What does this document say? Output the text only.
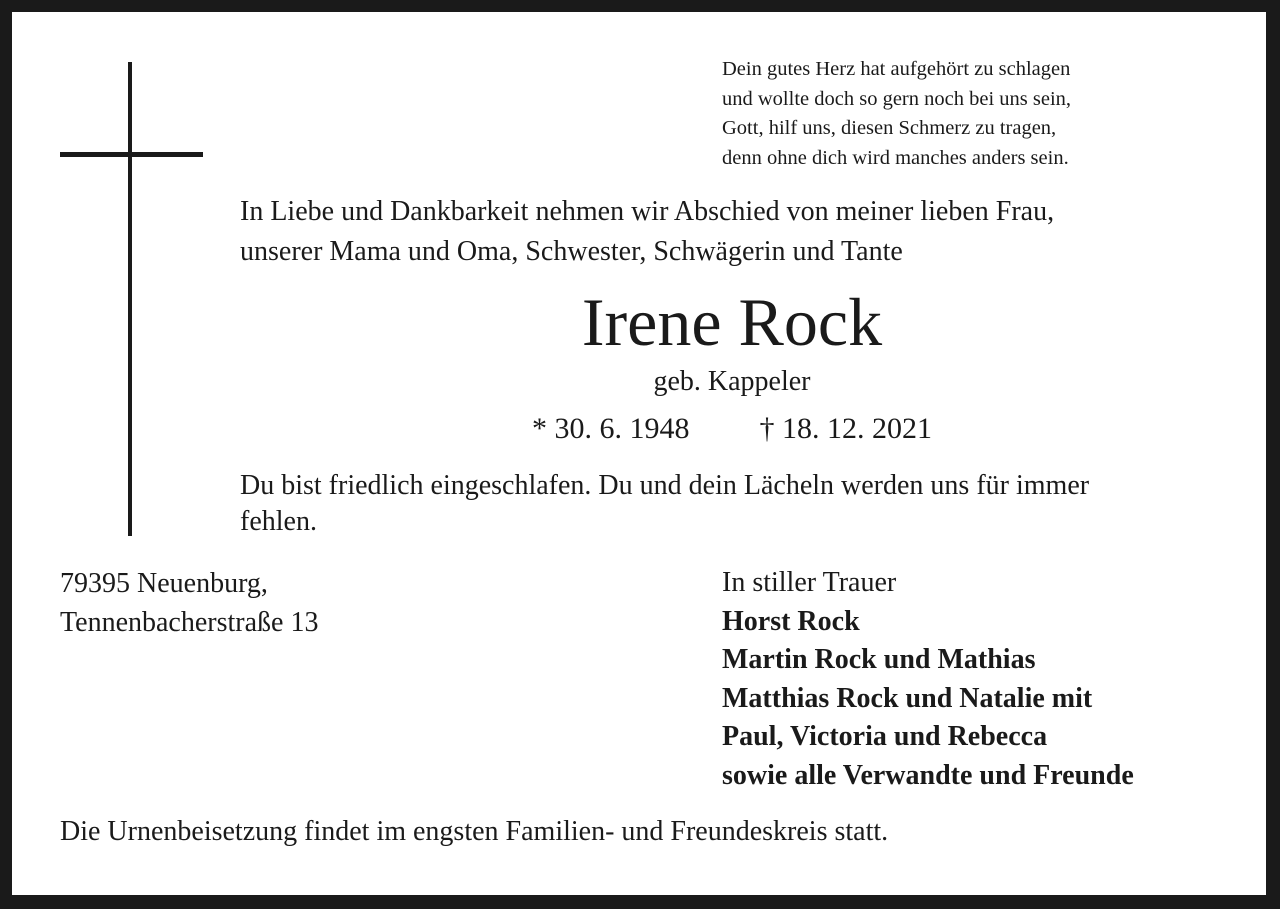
Dein gutes Herz hat aufgehört zu schlagen
und wollte doch so gern noch bei uns sein,
Gott, hilf uns, diesen Schmerz zu tragen,
denn ohne dich wird manches anders sein.
In Liebe und Dankbarkeit nehmen wir Abschied von meiner lieben Frau,
unserer Mama und Oma, Schwester, Schwägerin und Tante
Irene Rock
geb. Kappeler
* 30. 6. 1948 † 18. 12. 2021
Du bist friedlich eingeschlafen. Du und dein Lächeln werden uns für immer
fehlen.
79395 Neuenburg,
Tennenbacherstraße 13
In stiller Trauer
Horst Rock
Martin Rock und Mathias
Matthias Rock und Natalie mit
Paul, Victoria und Rebecca
sowie alle Verwandte und Freunde
Die Urnenbeisetzung findet im engsten Familien- und Freundeskreis statt.
